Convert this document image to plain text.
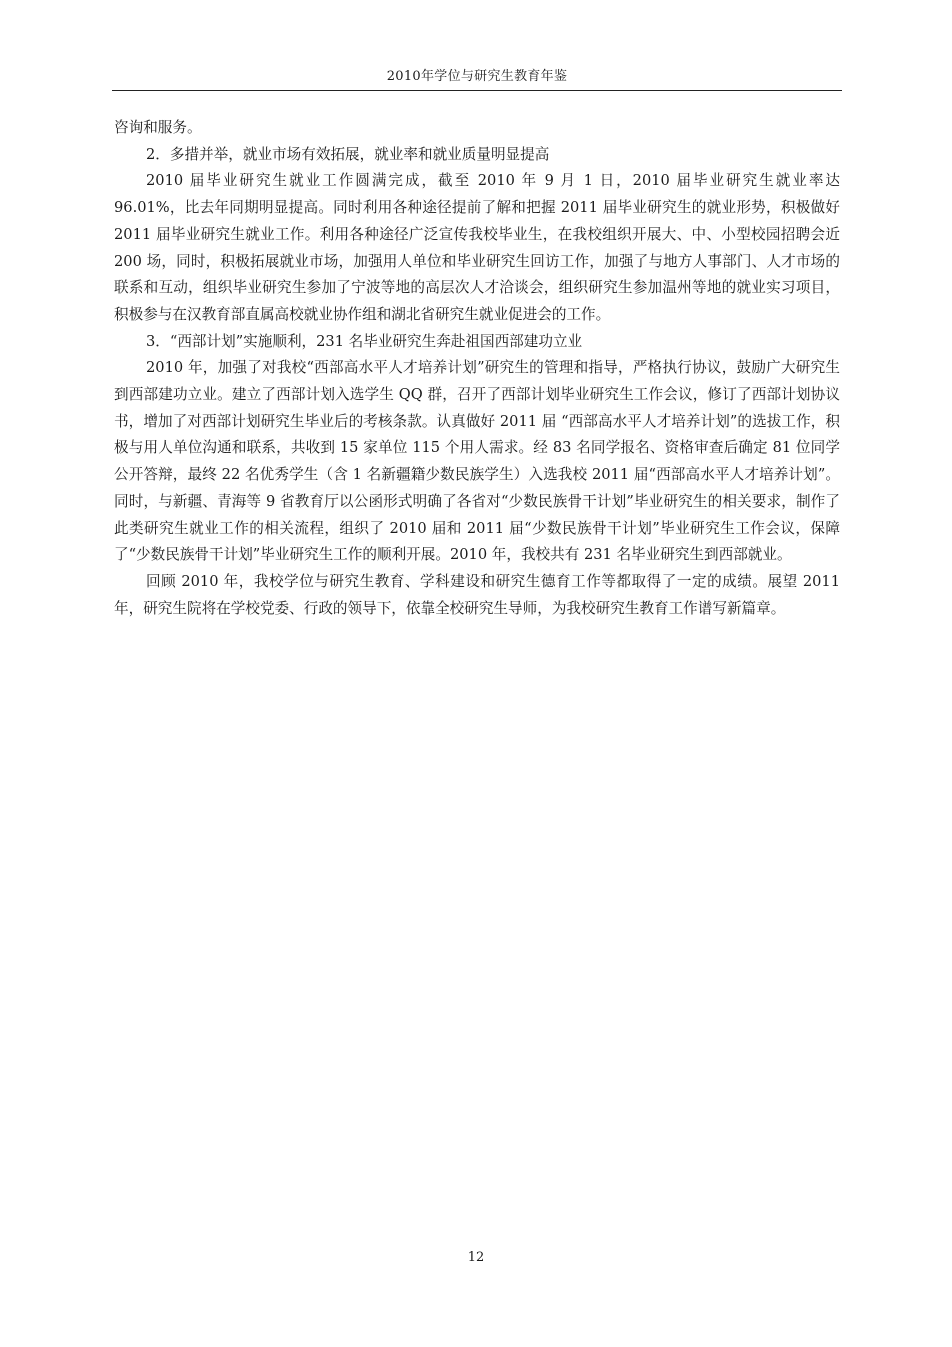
2010年学位与研究生教育年鉴

咨询和服务。

2．多措并举，就业市场有效拓展，就业率和就业质量明显提高

2010 届毕业研究生就业工作圆满完成，截至 2010 年 9 月 1 日，2010 届毕业研究生就业率达 96.01%，比去年同期明显提高。同时利用各种途径提前了解和把握 2011 届毕业研究生的就业形势，积极做好 2011 届毕业研究生就业工作。利用各种途径广泛宣传我校毕业生，在我校组织开展大、中、小型校园招聘会近 200 场，同时，积极拓展就业市场，加强用人单位和毕业研究生回访工作，加强了与地方人事部门、人才市场的联系和互动，组织毕业研究生参加了宁波等地的高层次人才洽谈会，组织研究生参加温州等地的就业实习项目，积极参与在汉教育部直属高校就业协作组和湖北省研究生就业促进会的工作。

3．“西部计划”实施顺利，231 名毕业研究生奔赴祖国西部建功立业

2010 年，加强了对我校“西部高水平人才培养计划”研究生的管理和指导，严格执行协议，鼓励广大研究生到西部建功立业。建立了西部计划入选学生 QQ 群，召开了西部计划毕业研究生工作会议，修订了西部计划协议书，增加了对西部计划研究生毕业后的考核条款。认真做好 2011 届 “西部高水平人才培养计划”的选拔工作，积极与用人单位沟通和联系，共收到 15 家单位 115 个用人需求。经 83 名同学报名、资格审查后确定 81 位同学公开答辩，最终 22 名优秀学生（含 1 名新疆籍少数民族学生）入选我校 2011 届“西部高水平人才培养计划”。同时，与新疆、青海等 9 省教育厅以公函形式明确了各省对“少数民族骨干计划”毕业研究生的相关要求，制作了此类研究生就业工作的相关流程，组织了 2010 届和 2011 届“少数民族骨干计划”毕业研究生工作会议，保障了“少数民族骨干计划”毕业研究生工作的顺利开展。2010 年，我校共有 231 名毕业研究生到西部就业。

回顾 2010 年，我校学位与研究生教育、学科建设和研究生德育工作等都取得了一定的成绩。展望 2011 年，研究生院将在学校党委、行政的领导下，依靠全校研究生导师，为我校研究生教育工作谱写新篇章。

12
